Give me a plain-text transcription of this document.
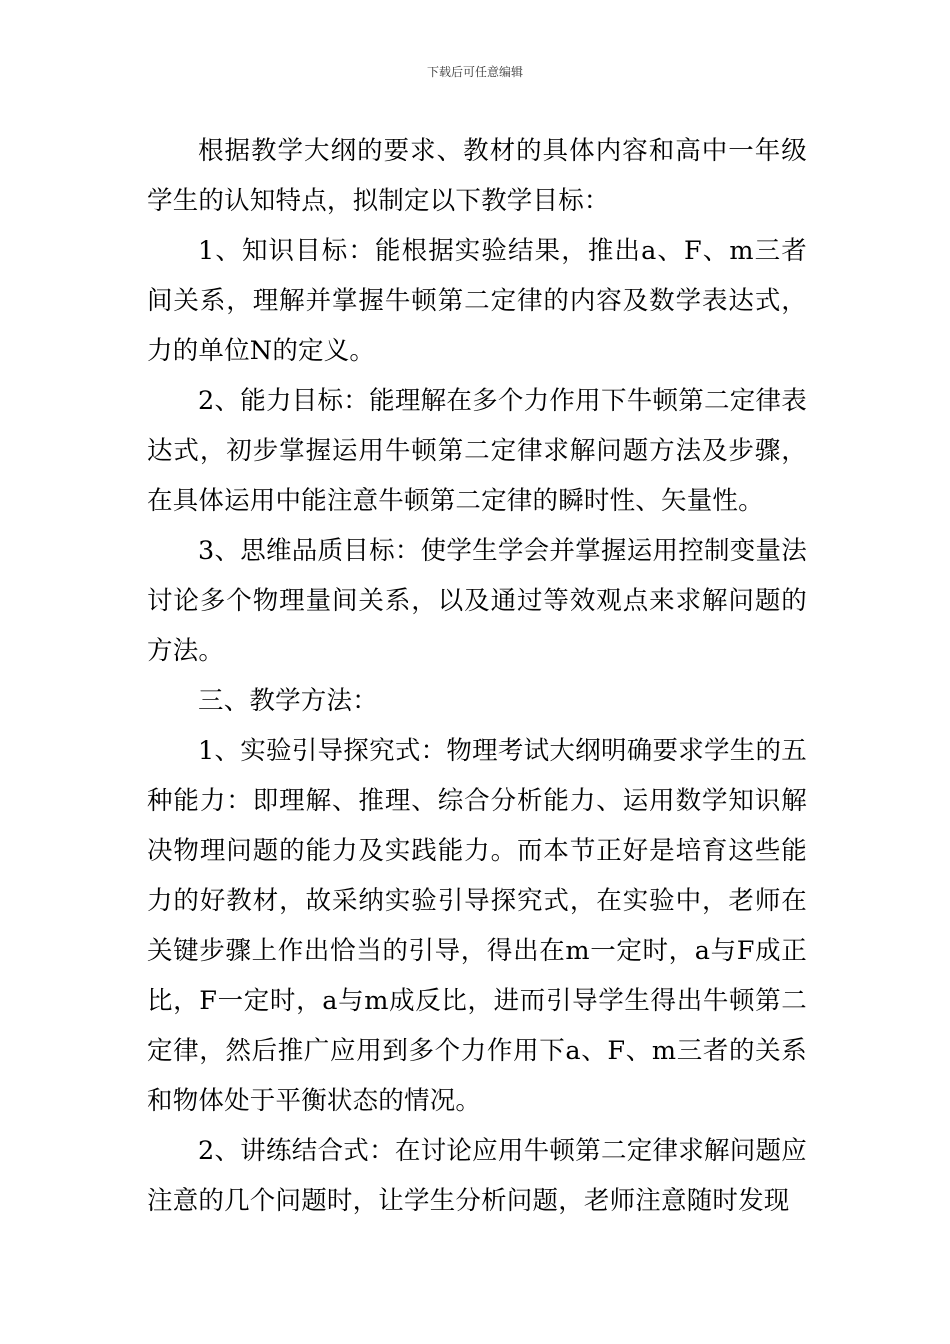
下载后可任意编辑

根据教学大纲的要求、教材的具体内容和高中一年级学生的认知特点，拟制定以下教学目标：

1、知识目标：能根据实验结果，推出a、F、m三者间关系，理解并掌握牛顿第二定律的内容及数学表达式，力的单位N的定义。

2、能力目标：能理解在多个力作用下牛顿第二定律表达式，初步掌握运用牛顿第二定律求解问题方法及步骤，在具体运用中能注意牛顿第二定律的瞬时性、矢量性。

3、思维品质目标：使学生学会并掌握运用控制变量法讨论多个物理量间关系，以及通过等效观点来求解问题的方法。

三、教学方法：

1、实验引导探究式：物理考试大纲明确要求学生的五种能力：即理解、推理、综合分析能力、运用数学知识解决物理问题的能力及实践能力。而本节正好是培育这些能力的好教材，故采纳实验引导探究式，在实验中，老师在关键步骤上作出恰当的引导，得出在m一定时，a与F成正比，F一定时，a与m成反比，进而引导学生得出牛顿第二定律，然后推广应用到多个力作用下a、F、m三者的关系和物体处于平衡状态的情况。

2、讲练结合式：在讨论应用牛顿第二定律求解问题应注意的几个问题时，让学生分析问题，老师注意随时发现
